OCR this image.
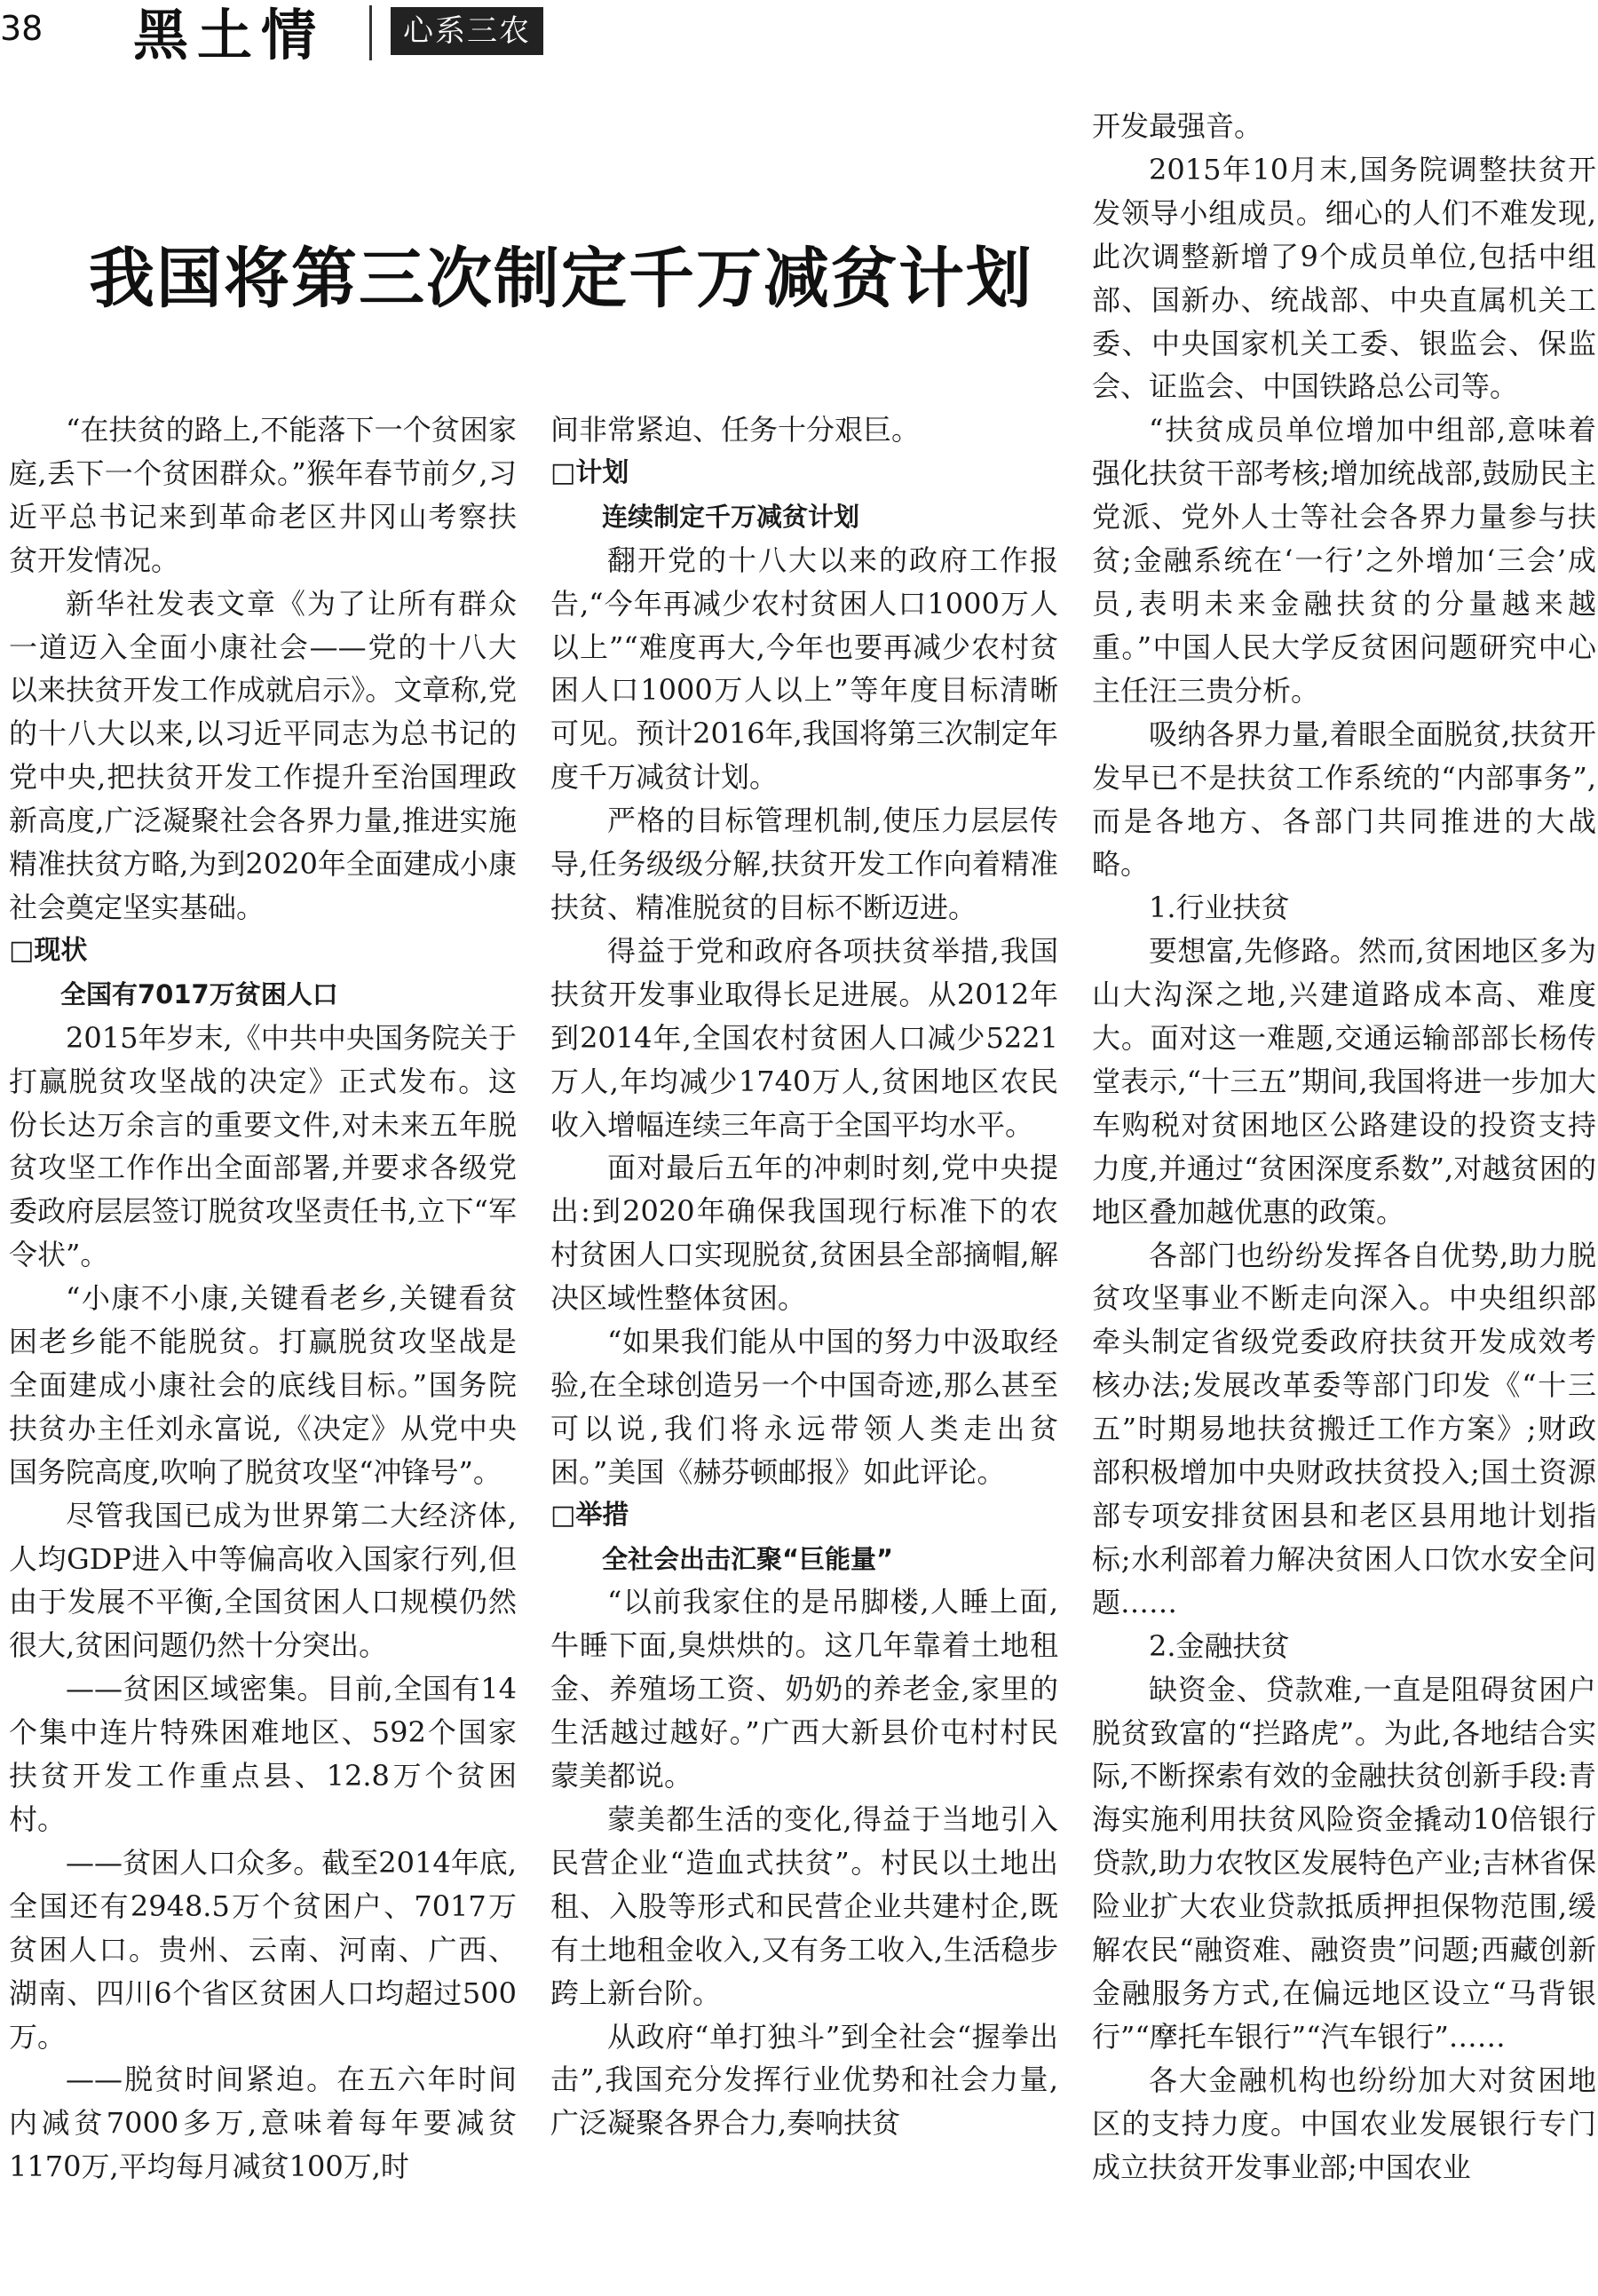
38 黑土情	心系三农
我国将第三次制定千万减贫计划

“在扶贫的路上,不能落下一个贫困家庭,丢下一个贫困群众。”猴年春节前夕,习近平总书记来到革命老区井冈山考察扶贫开发情况。

新华社发表文章《为了让所有群众一道迈入全面小康社会——党的十八大以来扶贫开发工作成就启示》。文章称,党的十八大以来,以习近平同志为总书记的党中央,把扶贫开发工作提升至治国理政新高度,广泛凝聚社会各界力量,推进实施精准扶贫方略,为到2020年全面建成小康社会奠定坚实基础。

□现状
全国有7017万贫困人口

2015年岁末,《中共中央国务院关于打赢脱贫攻坚战的决定》正式发布。这份长达万余言的重要文件,对未来五年脱贫攻坚工作作出全面部署,并要求各级党委政府层层签订脱贫攻坚责任书,立下“军令状”。

“小康不小康,关键看老乡,关键看贫困老乡能不能脱贫。打赢脱贫攻坚战是全面建成小康社会的底线目标。”国务院扶贫办主任刘永富说,《决定》从党中央国务院高度,吹响了脱贫攻坚“冲锋号”。

尽管我国已成为世界第二大经济体,人均GDP进入中等偏高收入国家行列,但由于发展不平衡,全国贫困人口规模仍然很大,贫困问题仍然十分突出。

——贫困区域密集。目前,全国有14个集中连片特殊困难地区、592个国家扶贫开发工作重点县、12.8万个贫困村。

——贫困人口众多。截至2014年底,全国还有2948.5万个贫困户、7017万贫困人口。贵州、云南、河南、广西、湖南、四川6个省区贫困人口均超过500万。

——脱贫时间紧迫。在五六年时间内减贫7000多万,意味着每年要减贫1170万,平均每月减贫100万,时

间非常紧迫、任务十分艰巨。

□计划
连续制定千万减贫计划

翻开党的十八大以来的政府工作报告,“今年再减少农村贫困人口1000万人以上”“难度再大,今年也要再减少农村贫困人口1000万人以上”等年度目标清晰可见。预计2016年,我国将第三次制定年度千万减贫计划。

严格的目标管理机制,使压力层层传导,任务级级分解,扶贫开发工作向着精准扶贫、精准脱贫的目标不断迈进。

得益于党和政府各项扶贫举措,我国扶贫开发事业取得长足进展。从2012年到2014年,全国农村贫困人口减少5221万人,年均减少1740万人,贫困地区农民收入增幅连续三年高于全国平均水平。

面对最后五年的冲刺时刻,党中央提出:到2020年确保我国现行标准下的农村贫困人口实现脱贫,贫困县全部摘帽,解决区域性整体贫困。

“如果我们能从中国的努力中汲取经验,在全球创造另一个中国奇迹,那么甚至可以说,我们将永远带领人类走出贫困。”美国《赫芬顿邮报》如此评论。

□举措
全社会出击汇聚“巨能量”

“以前我家住的是吊脚楼,人睡上面,牛睡下面,臭烘烘的。这几年靠着土地租金、养殖场工资、奶奶的养老金,家里的生活越过越好。”广西大新县价屯村村民蒙美都说。

蒙美都生活的变化,得益于当地引入民营企业“造血式扶贫”。村民以土地出租、入股等形式和民营企业共建村企,既有土地租金收入,又有务工收入,生活稳步跨上新台阶。

从政府“单打独斗”到全社会“握拳出击”,我国充分发挥行业优势和社会力量,广泛凝聚各界合力,奏响扶贫

开发最强音。

2015年10月末,国务院调整扶贫开发领导小组成员。细心的人们不难发现,此次调整新增了9个成员单位,包括中组部、国新办、统战部、中央直属机关工委、中央国家机关工委、银监会、保监会、证监会、中国铁路总公司等。

“扶贫成员单位增加中组部,意味着强化扶贫干部考核;增加统战部,鼓励民主党派、党外人士等社会各界力量参与扶贫;金融系统在‘一行’之外增加‘三会’成员,表明未来金融扶贫的分量越来越重。”中国人民大学反贫困问题研究中心主任汪三贵分析。

吸纳各界力量,着眼全面脱贫,扶贫开发早已不是扶贫工作系统的“内部事务”,而是各地方、各部门共同推进的大战略。

1.行业扶贫

要想富,先修路。然而,贫困地区多为山大沟深之地,兴建道路成本高、难度大。面对这一难题,交通运输部部长杨传堂表示,“十三五”期间,我国将进一步加大车购税对贫困地区公路建设的投资支持力度,并通过“贫困深度系数”,对越贫困的地区叠加越优惠的政策。

各部门也纷纷发挥各自优势,助力脱贫攻坚事业不断走向深入。中央组织部牵头制定省级党委政府扶贫开发成效考核办法;发展改革委等部门印发《“十三五”时期易地扶贫搬迁工作方案》;财政部积极增加中央财政扶贫投入;国土资源部专项安排贫困县和老区县用地计划指标;水利部着力解决贫困人口饮水安全问题……

2.金融扶贫

缺资金、贷款难,一直是阻碍贫困户脱贫致富的“拦路虎”。为此,各地结合实际,不断探索有效的金融扶贫创新手段:青海实施利用扶贫风险资金撬动10倍银行贷款,助力农牧区发展特色产业;吉林省保险业扩大农业贷款抵质押担保物范围,缓解农民“融资难、融资贵”问题;西藏创新金融服务方式,在偏远地区设立“马背银行”“摩托车银行”“汽车银行”……

各大金融机构也纷纷加大对贫困地区的支持力度。中国农业发展银行专门成立扶贫开发事业部;中国农业
